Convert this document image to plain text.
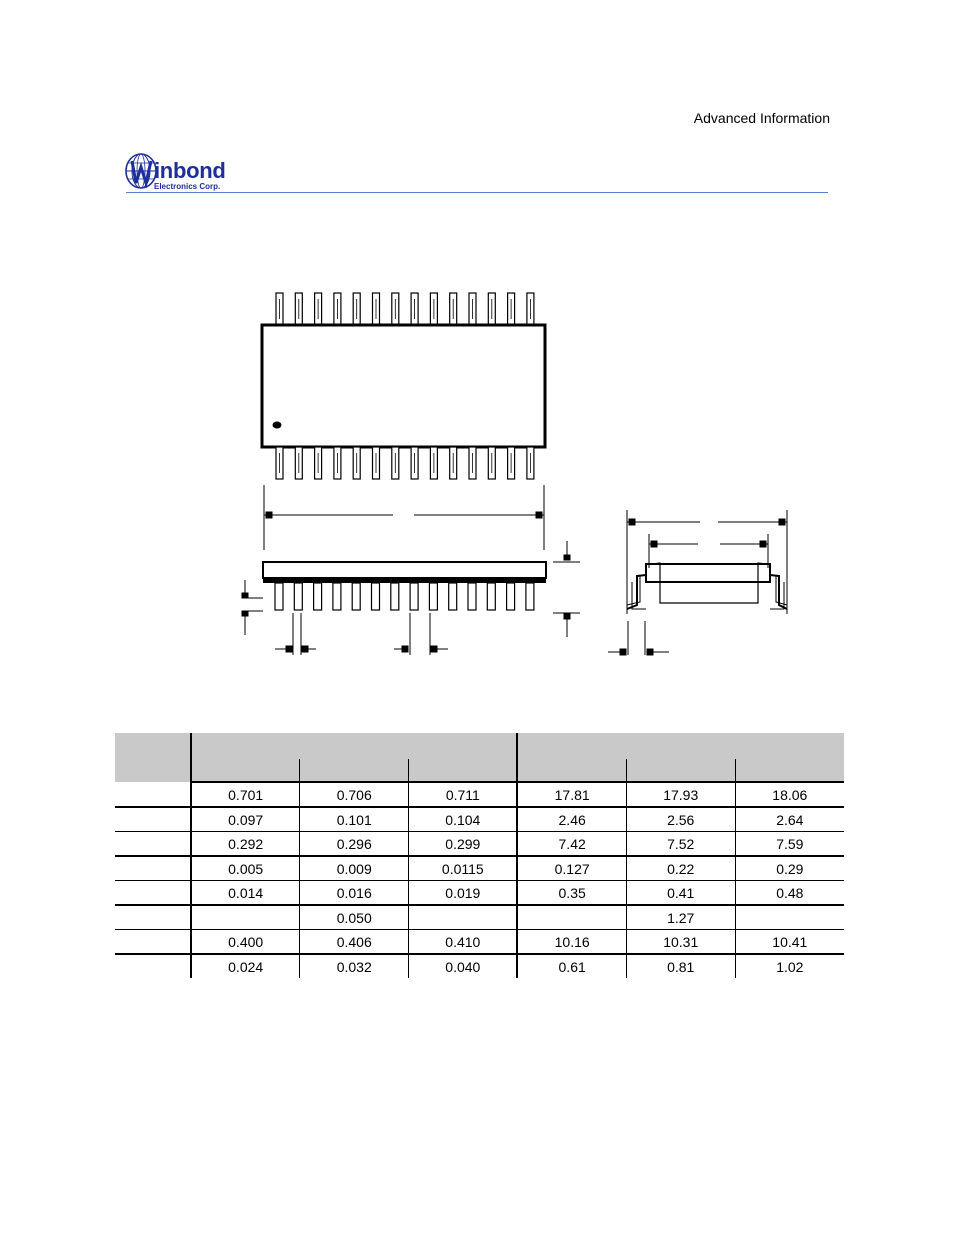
Advanced Information
inbond
Electronics Corp.

	0.701	0.706	0.711	17.81	17.93	18.06
	0.097	0.101	0.104	2.46	2.56	2.64
	0.292	0.296	0.299	7.42	7.52	7.59
	0.005	0.009	0.0115	0.127	0.22	0.29
	0.014	0.016	0.019	0.35	0.41	0.48
		0.050			1.27	
	0.400	0.406	0.410	10.16	10.31	10.41
	0.024	0.032	0.040	0.61	0.81	1.02
